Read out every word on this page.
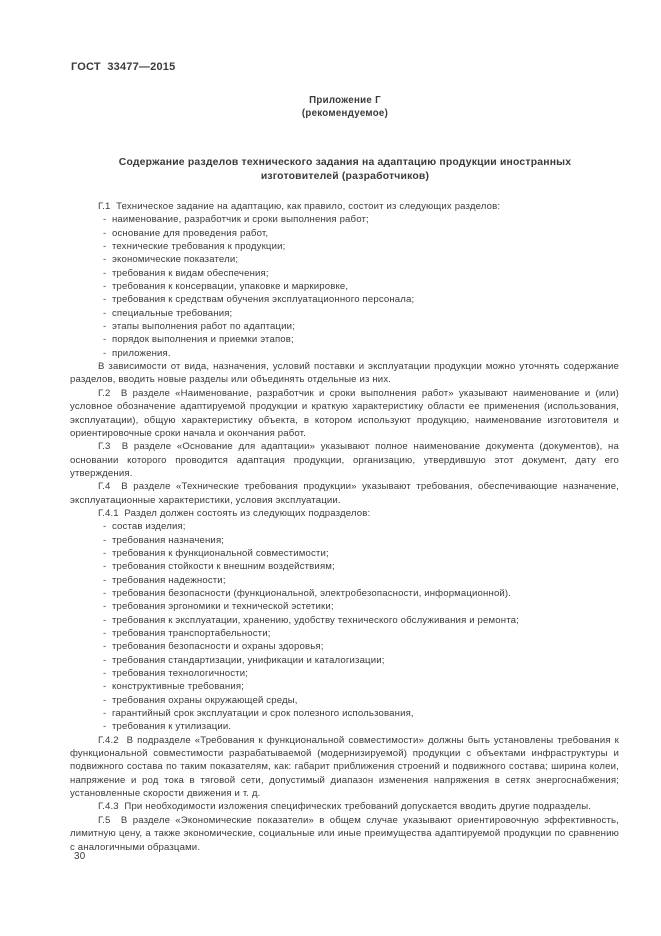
ГОСТ  33477—2015
Приложение Г
(рекомендуемое)
Содержание разделов технического задания на адаптацию продукции иностранных изготовителей (разработчиков)
Г.1  Техническое задание на адаптацию, как правило, состоит из следующих разделов:
-  наименование, разработчик и сроки выполнения работ;
-  основание для проведения работ,
-  технические требования к продукции;
-  экономические показатели;
-  требования к видам обеспечения;
-  требования к консервации, упаковке и маркировке,
-  требования к средствам обучения эксплуатационного персонала;
-  специальные требования;
-  этапы выполнения работ по адаптации;
-  порядок выполнения и приемки этапов;
-  приложения.
В зависимости от вида, назначения, условий поставки и эксплуатации продукции можно уточнять содержание разделов, вводить новые разделы или объединять отдельные из них.
Г.2  В разделе «Наименование, разработчик и сроки выполнения работ» указывают наименование и (или) условное обозначение адаптируемой продукции и краткую характеристику области ее применения (использования, эксплуатации), общую характеристику объекта, в котором используют продукцию, наименование изготовителя и ориентировочные сроки начала и окончания работ.
Г.3  В разделе «Основание для адаптации» указывают полное наименование документа (документов), на основании которого проводится адаптация продукции, организацию, утвердившую этот документ, дату его утверждения.
Г.4  В разделе «Технические требования продукции» указывают требования, обеспечивающие назначение, эксплуатационные характеристики, условия эксплуатации.
Г.4.1  Раздел должен состоять из следующих подразделов:
-  состав изделия;
-  требования назначения;
-  требования к функциональной совместимости;
-  требования стойкости к внешним воздействиям;
-  требования надежности;
-  требования безопасности (функциональной, электробезопасности, информационной).
-  требования эргономики и технической эстетики;
-  требования к эксплуатации, хранению, удобству технического обслуживания и ремонта;
-  требования транспортабельности;
-  требования безопасности и охраны здоровья;
-  требования стандартизации, унификации и каталогизации;
-  требования технологичности;
-  конструктивные требования;
-  требования охраны окружающей среды,
-  гарантийный срок эксплуатации и срок полезного использования,
-  требования к утилизации.
Г.4.2  В подразделе «Требования к функциональной совместимости» должны быть установлены требования к функциональной совместимости разрабатываемой (модернизируемой) продукции с объектами инфраструктуры и подвижного состава по таким показателям, как: габарит приближения строений и подвижного состава; ширина колеи, напряжение и род тока в тяговой сети, допустимый диапазон изменения напряжения в сетях энергоснабжения; установленные скорости движения и т. д.
Г.4.3  При необходимости изложения специфических требований допускается вводить другие подразделы.
Г.5  В разделе «Экономические показатели» в общем случае указывают ориентировочную эффективность, лимитную цену, а также экономические, социальные или иные преимущества адаптируемой продукции по сравнению с аналогичными образцами.
30
